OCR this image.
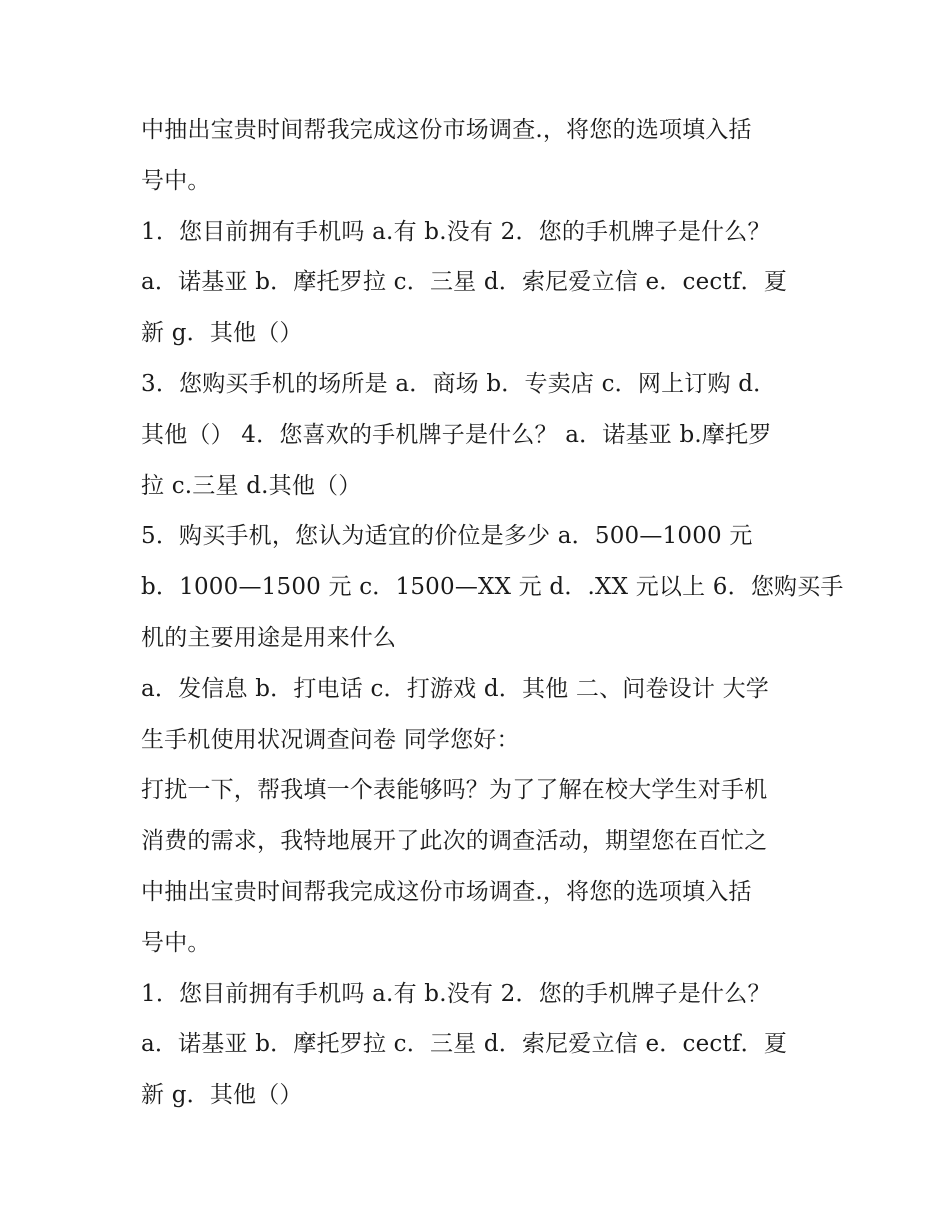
中抽出宝贵时间帮我完成这份市场调查.，将您的选项填入括
号中。
1．您目前拥有手机吗 a.有 b.没有 2．您的手机牌子是什么？
a．诺基亚 b．摩托罗拉 c．三星 d．索尼爱立信 e．cectf．夏
新 g．其他（）
3．您购买手机的场所是 a．商场 b．专卖店 c．网上订购 d．
其他（） 4．您喜欢的手机牌子是什么？ a．诺基亚 b.摩托罗
拉 c.三星 d.其他（）
5．购买手机，您认为适宜的价位是多少 a．500—1000 元
b．1000—1500 元 c．1500—XX 元 d．.XX 元以上 6．您购买手
机的主要用途是用来什么
a．发信息 b．打电话 c．打游戏 d．其他 二、问卷设计 大学
生手机使用状况调查问卷 同学您好：
打扰一下，帮我填一个表能够吗？为了了解在校大学生对手机
消费的需求，我特地展开了此次的调查活动，期望您在百忙之
中抽出宝贵时间帮我完成这份市场调查.，将您的选项填入括
号中。
1．您目前拥有手机吗 a.有 b.没有 2．您的手机牌子是什么？
a．诺基亚 b．摩托罗拉 c．三星 d．索尼爱立信 e．cectf．夏
新 g．其他（）
